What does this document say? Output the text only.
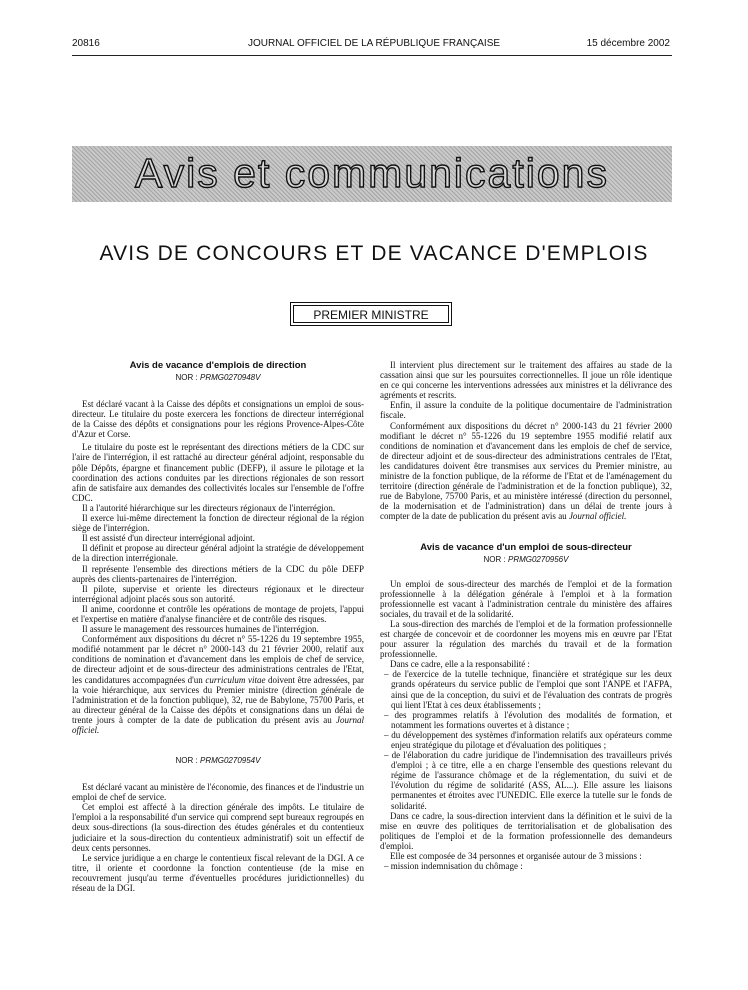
20816	JOURNAL OFFICIEL DE LA RÉPUBLIQUE FRANÇAISE	15 décembre 2002
Avis et communications
AVIS DE CONCOURS ET DE VACANCE D'EMPLOIS
PREMIER MINISTRE
Avis de vacance d'emplois de direction
NOR : PRMG0270948V

Est déclaré vacant à la Caisse des dépôts et consignations un emploi de sous-directeur. Le titulaire du poste exercera les fonctions de directeur interrégional de la Caisse des dépôts et consignations pour les régions Provence-Alpes-Côte d'Azur et Corse.

Le titulaire du poste est le représentant des directions métiers de la CDC sur l'aire de l'interrégion, il est rattaché au directeur général adjoint, responsable du pôle Dépôts, épargne et financement public (DEFP), il assure le pilotage et la coordination des actions conduites par les directions régionales de son ressort afin de satisfaire aux demandes des collectivités locales sur l'ensemble de l'offre CDC.

Il a l'autorité hiérarchique sur les directeurs régionaux de l'interrégion.

Il exerce lui-même directement la fonction de directeur régional de la région siège de l'interrégion.

Il est assisté d'un directeur interrégional adjoint.

Il définit et propose au directeur général adjoint la stratégie de développement de la direction interrégionale.

Il représente l'ensemble des directions métiers de la CDC du pôle DEFP auprès des clients-partenaires de l'interrégion.

Il pilote, supervise et oriente les directeurs régionaux et le directeur interrégional adjoint placés sous son autorité.

Il anime, coordonne et contrôle les opérations de montage de projets, l'appui et l'expertise en matière d'analyse financière et de contrôle des risques.

Il assure le management des ressources humaines de l'interrégion.

Conformément aux dispositions du décret n° 55-1226 du 19 septembre 1955, modifié notamment par le décret n° 2000-143 du 21 février 2000, relatif aux conditions de nomination et d'avancement dans les emplois de chef de service, de directeur adjoint et de sous-directeur des administrations centrales de l'Etat, les candidatures accompagnées d'un curriculum vitae doivent être adressées, par la voie hiérarchique, aux services du Premier ministre (direction générale de l'administration et de la fonction publique), 32, rue de Babylone, 75700 Paris, et au directeur général de la Caisse des dépôts et consignations dans un délai de trente jours à compter de la date de publication du présent avis au Journal officiel.

NOR : PRMG0270954V

Est déclaré vacant au ministère de l'économie, des finances et de l'industrie un emploi de chef de service.

Cet emploi est affecté à la direction générale des impôts. Le titulaire de l'emploi a la responsabilité d'un service qui comprend sept bureaux regroupés en deux sous-directions (la sous-direction des études générales et du contentieux judiciaire et la sous-direction du contentieux administratif) soit un effectif de deux cents personnes.

Le service juridique a en charge le contentieux fiscal relevant de la DGI. A ce titre, il oriente et coordonne la fonction contentieuse (de la mise en recouvrement jusqu'au terme d'éventuelles procédures juridictionnelles) du réseau de la DGI.

Il intervient plus directement sur le traitement des affaires au stade de la cassation ainsi que sur les poursuites correctionnelles. Il joue un rôle identique en ce qui concerne les interventions adressées aux ministres et la délivrance des agréments et rescrits.

Enfin, il assure la conduite de la politique documentaire de l'administration fiscale.

Conformément aux dispositions du décret n° 2000-143 du 21 février 2000 modifiant le décret n° 55-1226 du 19 septembre 1955 modifié relatif aux conditions de nomination et d'avancement dans les emplois de chef de service, de directeur adjoint et de sous-directeur des administrations centrales de l'Etat, les candidatures doivent être transmises aux services du Premier ministre, au ministre de la fonction publique, de la réforme de l'Etat et de l'aménagement du territoire (direction générale de l'administration et de la fonction publique), 32, rue de Babylone, 75700 Paris, et au ministère intéressé (direction du personnel, de la modernisation et de l'administration) dans un délai de trente jours à compter de la date de publication du présent avis au Journal officiel.

Avis de vacance d'un emploi de sous-directeur
NOR : PRMG0270956V

Un emploi de sous-directeur des marchés de l'emploi et de la formation professionnelle à la délégation générale à l'emploi et à la formation professionnelle est vacant à l'administration centrale du ministère des affaires sociales, du travail et de la solidarité.

La sous-direction des marchés de l'emploi et de la formation professionnelle est chargée de concevoir et de coordonner les moyens mis en œuvre par l'Etat pour assurer la régulation des marchés du travail et de la formation professionnelle.

Dans ce cadre, elle a la responsabilité :

– de l'exercice de la tutelle technique, financière et stratégique sur les deux grands opérateurs du service public de l'emploi que sont l'ANPE et l'AFPA, ainsi que de la conception, du suivi et de l'évaluation des contrats de progrès qui lient l'Etat à ces deux établissements ;
– des programmes relatifs à l'évolution des modalités de formation, et notamment les formations ouvertes et à distance ;
– du développement des systèmes d'information relatifs aux opérateurs comme enjeu stratégique du pilotage et d'évaluation des politiques ;
– de l'élaboration du cadre juridique de l'indemnisation des travailleurs privés d'emploi ; à ce titre, elle a en charge l'ensemble des questions relevant du régime de l'assurance chômage et de la réglementation, du suivi et de l'évolution du régime de solidarité (ASS, AL...). Elle assure les liaisons permanentes et étroites avec l'UNEDIC. Elle exerce la tutelle sur le fonds de solidarité.

Dans ce cadre, la sous-direction intervient dans la définition et le suivi de la mise en œuvre des politiques de territorialisation et de globalisation des politiques de l'emploi et de la formation professionnelle des demandeurs d'emploi.

Elle est composée de 34 personnes et organisée autour de 3 missions :

– mission indemnisation du chômage :
